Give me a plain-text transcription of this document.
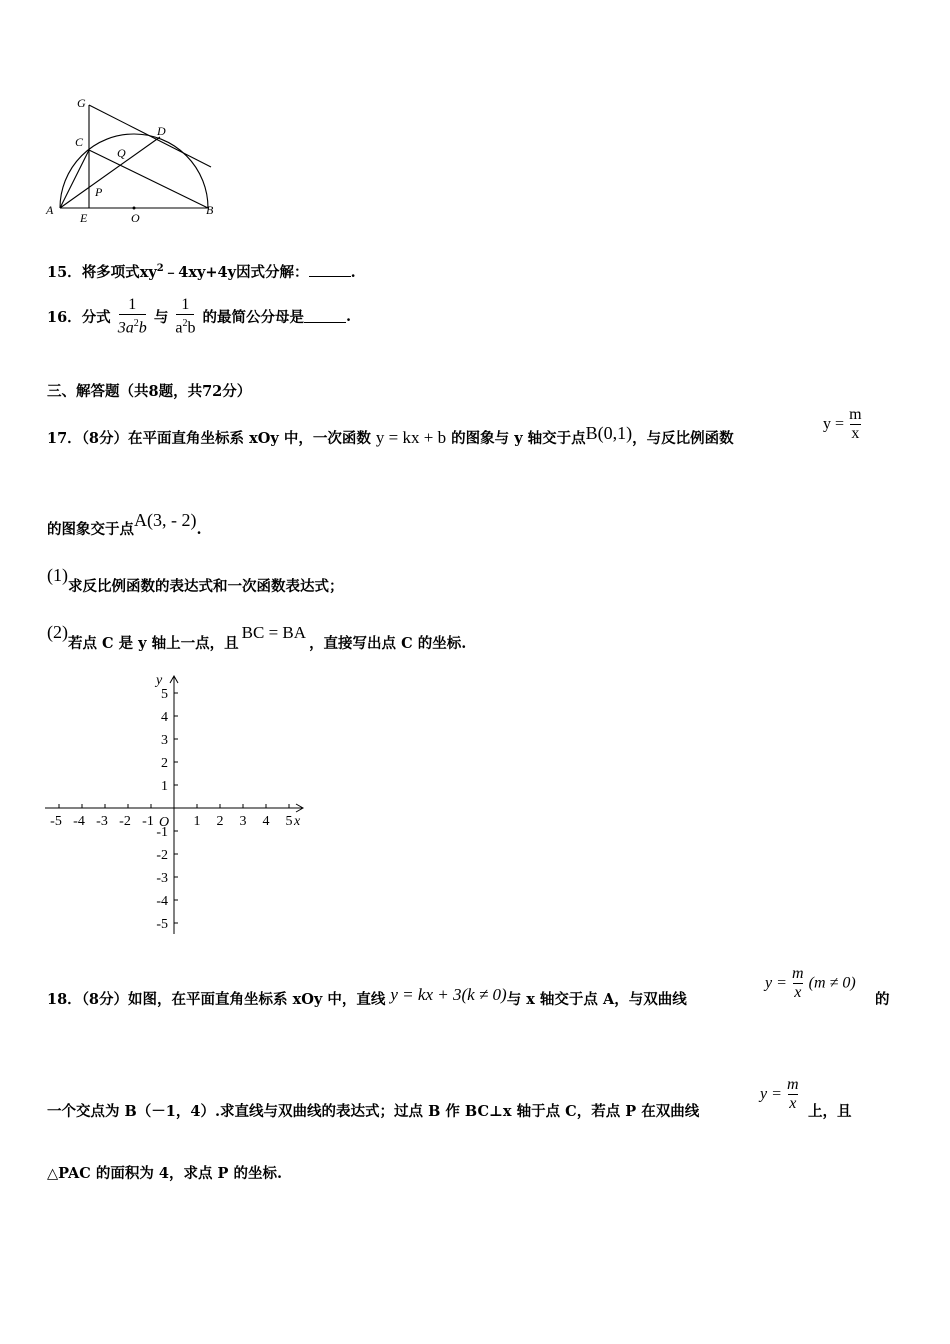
G
C
D
Q
P
A
E	O
B
15．将多项式$xy^2﹣4xy+4y$因式分解：	.
16．分式 $\frac{1}{3a^2b}$ 与 $\frac{1}{a^2b}$ 的最简公分母是	.
三、解答题（共8题，共72分）
17．（8分）在平面直角坐标系 xOy 中，一次函数 y = kx + b 的图象与 y 轴交于点B(0,1)，与反比例函数
$y = \frac{m}{x}$
的图象交于点A(3, - 2).
(1)求反比例函数的表达式和一次函数表达式；
(2)若点 C 是 y 轴上一点，且BC = BA，直接写出点 C 的坐标.
y
x
O
-5 -4 -3 -2 -1	1 2 3 4 5
5
4
3
2
1
-1
-2
-3
-4
-5
18．（8分）如图，在平面直角坐标系 xOy 中，直线 y = kx + 3(k ≠ 0)与 x 轴交于点 A，与双曲线
$y = \frac{m}{x} (m \ne 0)$
的
一个交点为 B（－1，4）.求直线与双曲线的表达式；过点 B 作 BC⊥x 轴于点 C，若点 P 在双曲线
$y = \frac{m}{x}$ 上，且
△PAC 的面积为 4，求点 P 的坐标.
